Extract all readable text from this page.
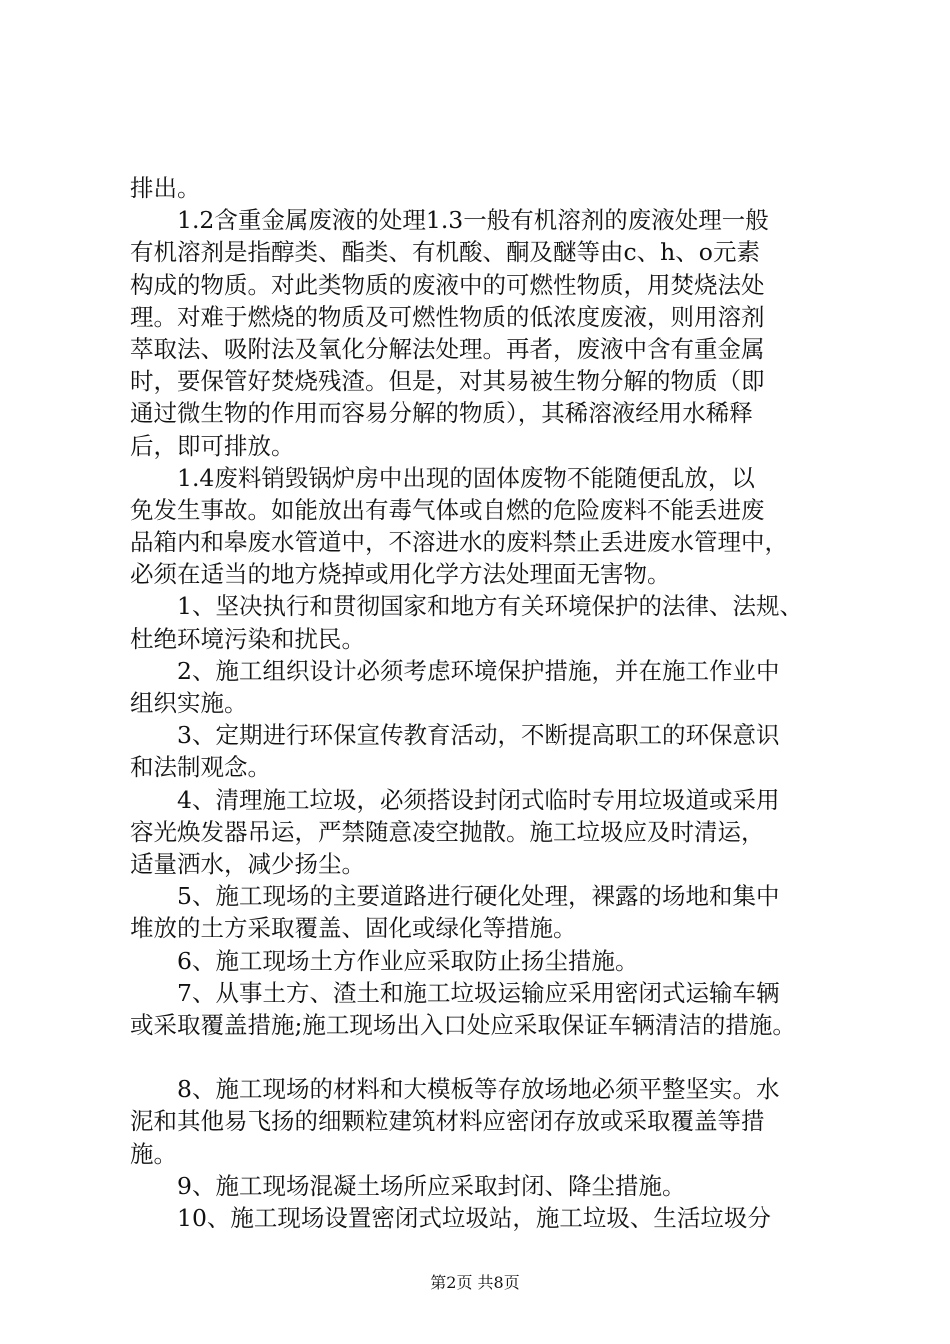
排出。
1.2含重金属废液的处理1.3一般有机溶剂的废液处理一般
有机溶剂是指醇类、酯类、有机酸、酮及醚等由c、h、o元素
构成的物质。对此类物质的废液中的可燃性物质，用焚烧法处
理。对难于燃烧的物质及可燃性物质的低浓度废液，则用溶剂
萃取法、吸附法及氧化分解法处理。再者，废液中含有重金属
时，要保管好焚烧残渣。但是，对其易被生物分解的物质（即
通过微生物的作用而容易分解的物质），其稀溶液经用水稀释
后，即可排放。
1.4废料销毁锅炉房中出现的固体废物不能随便乱放，以
免发生事故。如能放出有毒气体或自燃的危险废料不能丢进废
品箱内和皋废水管道中，不溶进水的废料禁止丢进废水管理中，
必须在适当的地方烧掉或用化学方法处理面无害物。
1、坚决执行和贯彻国家和地方有关环境保护的法律、法规、
杜绝环境污染和扰民。
2、施工组织设计必须考虑环境保护措施，并在施工作业中
组织实施。
3、定期进行环保宣传教育活动，不断提高职工的环保意识
和法制观念。
4、清理施工垃圾，必须搭设封闭式临时专用垃圾道或采用
容光焕发器吊运，严禁随意凌空抛散。施工垃圾应及时清运，
适量洒水，减少扬尘。
5、施工现场的主要道路进行硬化处理，裸露的场地和集中
堆放的土方采取覆盖、固化或绿化等措施。
6、施工现场土方作业应采取防止扬尘措施。
7、从事土方、渣土和施工垃圾运输应采用密闭式运输车辆
或采取覆盖措施;施工现场出入口处应采取保证车辆清洁的措施。
8、施工现场的材料和大模板等存放场地必须平整坚实。水
泥和其他易飞扬的细颗粒建筑材料应密闭存放或采取覆盖等措
施。
9、施工现场混凝土场所应采取封闭、降尘措施。
10、施工现场设置密闭式垃圾站，施工垃圾、生活垃圾分
第2页 共8页
